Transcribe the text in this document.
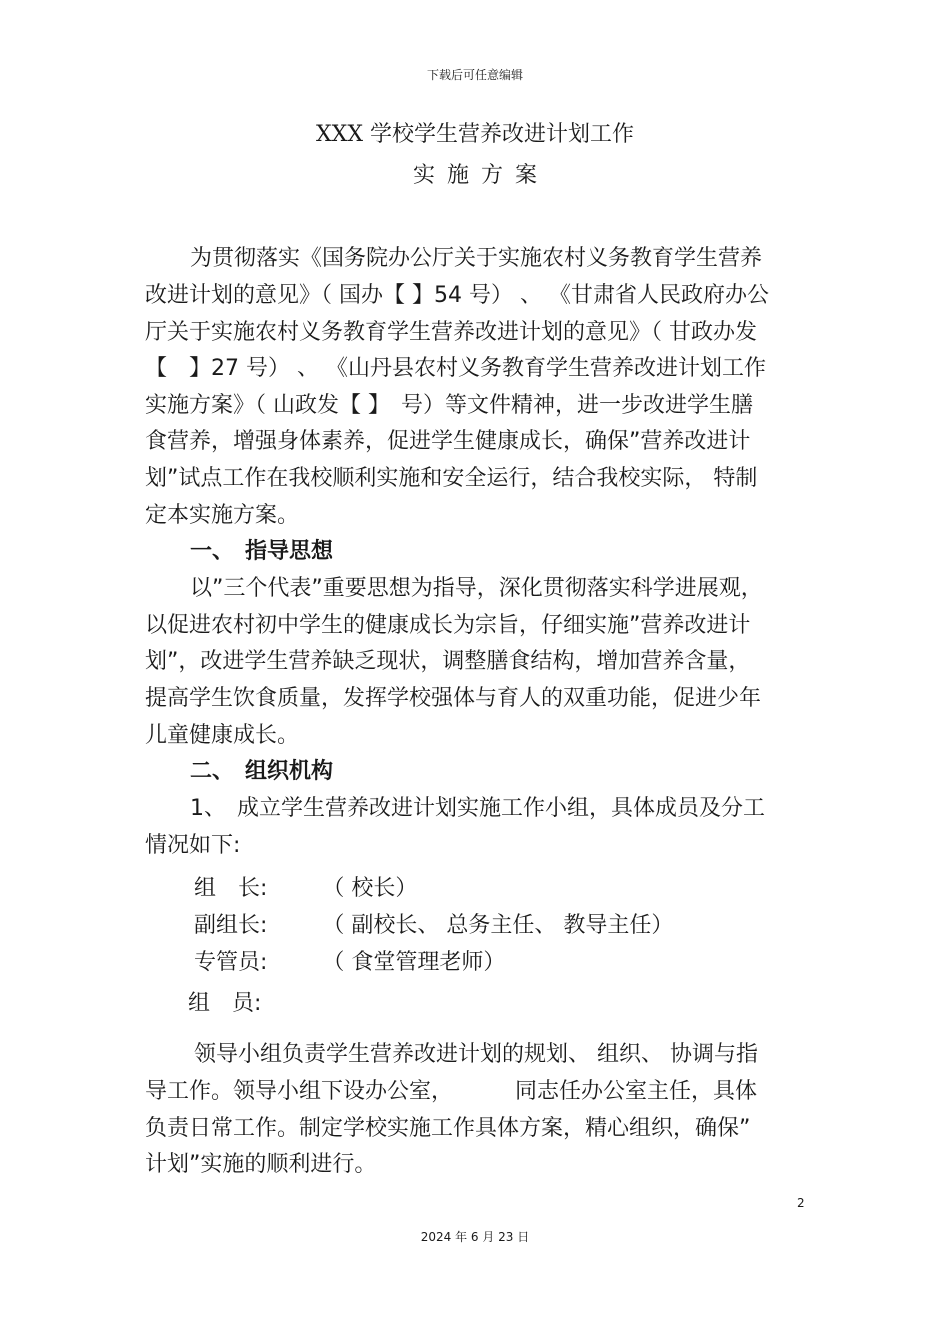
下载后可任意编辑
XXX 学校学生营养改进计划工作
实施方案
为贯彻落实《国务院办公厅关于实施农村义务教育学生营养
改进计划的意见》（ 国办【 】54 号） 、 《甘肃省人民政府办公
厅关于实施农村义务教育学生营养改进计划的意见》（ 甘政办发
【　】27 号） 、 《山丹县农村义务教育学生营养改进计划工作
实施方案》（ 山政发【 】　号）等文件精神，进一步改进学生膳
食营养，增强身体素养，促进学生健康成长，确保”营养改进计
划”试点工作在我校顺利实施和安全运行，结合我校实际， 特制
定本实施方案。
一、　指导思想
以”三个代表”重要思想为指导，深化贯彻落实科学进展观，
以促进农村初中学生的健康成长为宗旨，仔细实施”营养改进计
划”，改进学生营养缺乏现状，调整膳食结构，增加营养含量，
提高学生饮食质量，发挥学校强体与育人的双重功能，促进少年
儿童健康成长。
二、　组织机构
1、　成立学生营养改进计划实施工作小组，具体成员及分工
情况如下:
组　长:　　　（ 校长）
副组长:　　　（ 副校长、 总务主任、 教导主任）
专管员:　　　（ 食堂管理老师）
组　员:
领导小组负责学生营养改进计划的规划、 组织、 协调与指
导工作。领导小组下设办公室，　　　 同志任办公室主任，具体
负责日常工作。制定学校实施工作具体方案，精心组织，确保”
计划”实施的顺利进行。
2
2024 年 6 月 23 日
